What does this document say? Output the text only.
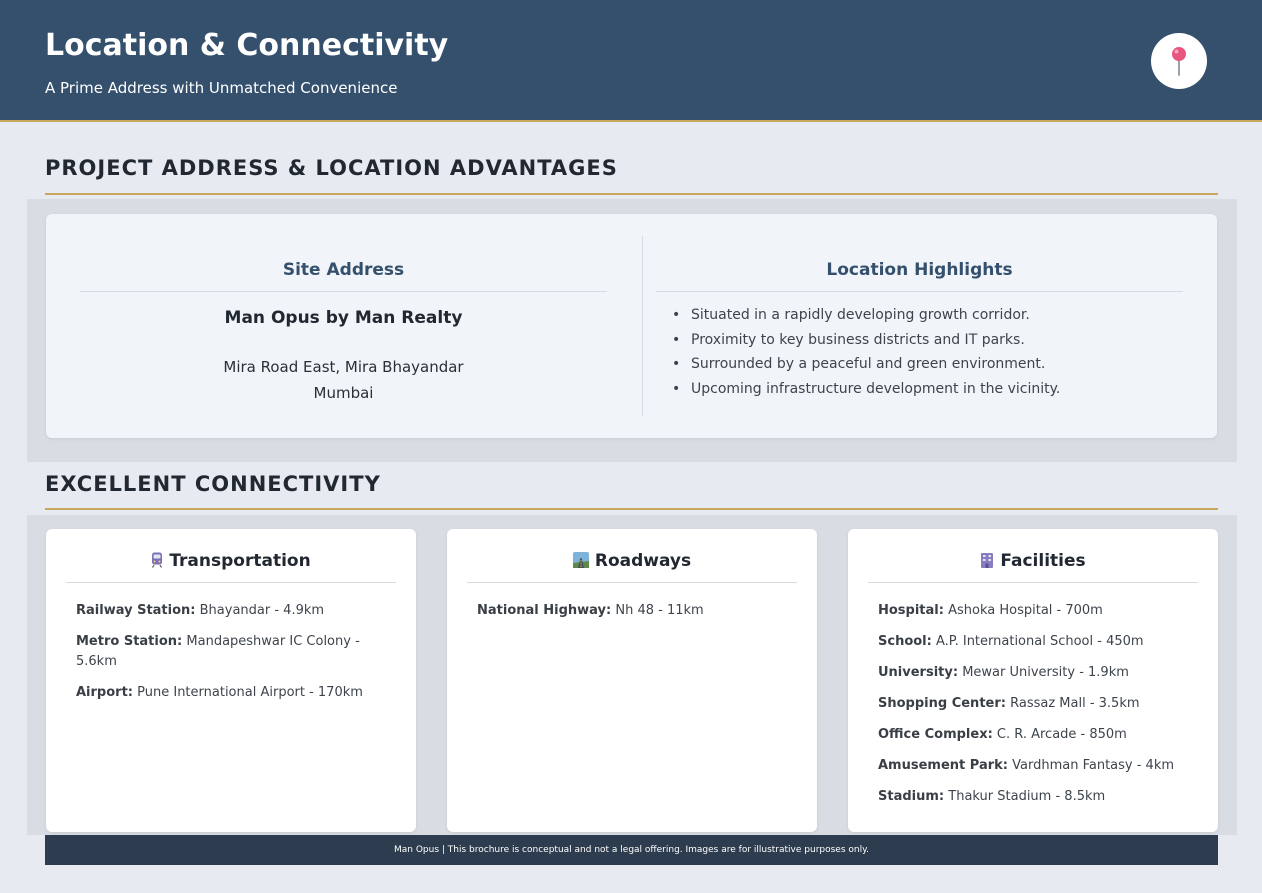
Location & Connectivity
A Prime Address with Unmatched Convenience
PROJECT ADDRESS & LOCATION ADVANTAGES
Site Address
Man Opus by Man Realty
Mira Road East, Mira Bhayandar
Mumbai
Location Highlights
• Situated in a rapidly developing growth corridor.
• Proximity to key business districts and IT parks.
• Surrounded by a peaceful and green environment.
• Upcoming infrastructure development in the vicinity.
EXCELLENT CONNECTIVITY
Transportation
Railway Station: Bhayandar - 4.9km
Metro Station: Mandapeshwar IC Colony - 5.6km
Airport: Pune International Airport - 170km
Roadways
National Highway: Nh 48 - 11km
Facilities
Hospital: Ashoka Hospital - 700m
School: A.P. International School - 450m
University: Mewar University - 1.9km
Shopping Center: Rassaz Mall - 3.5km
Office Complex: C. R. Arcade - 850m
Amusement Park: Vardhman Fantasy - 4km
Stadium: Thakur Stadium - 8.5km
Man Opus | This brochure is conceptual and not a legal offering. Images are for illustrative purposes only.
